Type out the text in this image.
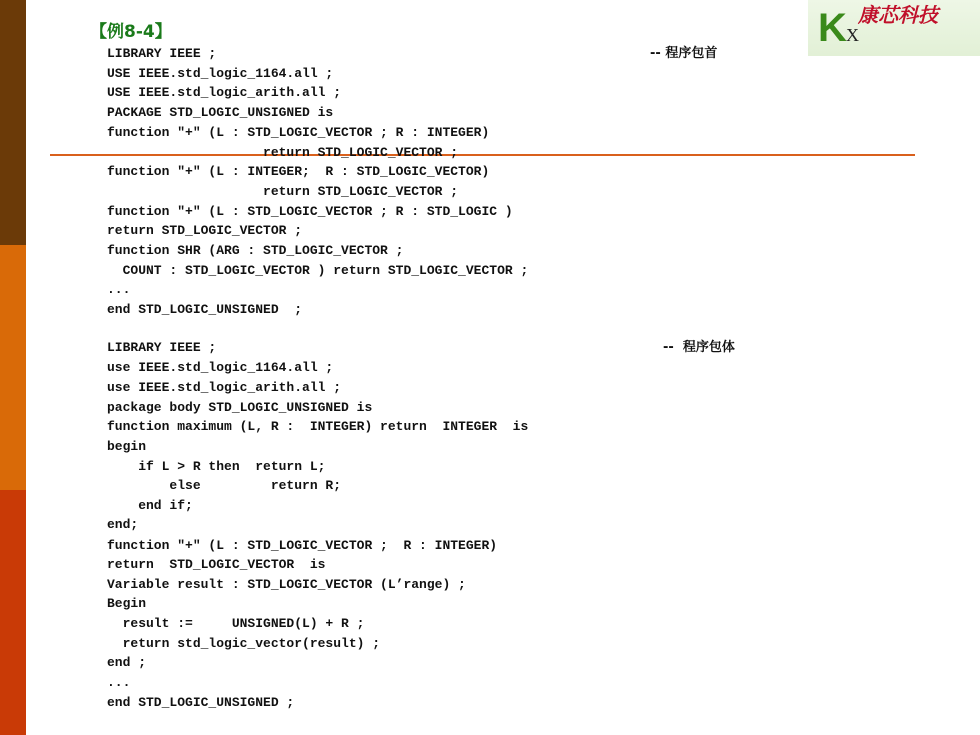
K X
康芯科技
【例8-4】
-- 程序包首
--  程序包体
LIBRARY IEEE ;
USE IEEE.std_logic_1164.all ;
USE IEEE.std_logic_arith.all ;
PACKAGE STD_LOGIC_UNSIGNED is
function "+" (L : STD_LOGIC_VECTOR ; R : INTEGER)
return STD_LOGIC_VECTOR ;
function "+" (L : INTEGER;  R : STD_LOGIC_VECTOR)
return STD_LOGIC_VECTOR ;
function "+" (L : STD_LOGIC_VECTOR ; R : STD_LOGIC )
return STD_LOGIC_VECTOR ;
function SHR (ARG : STD_LOGIC_VECTOR ;
COUNT : STD_LOGIC_VECTOR ) return STD_LOGIC_VECTOR ;
...
end STD_LOGIC_UNSIGNED  ;
LIBRARY IEEE ;
use IEEE.std_logic_1164.all ;
use IEEE.std_logic_arith.all ;
package body STD_LOGIC_UNSIGNED is
function maximum (L, R :  INTEGER) return  INTEGER  is
begin
if L > R then  return L;
else         return R;
end if;
end;
function "+" (L : STD_LOGIC_VECTOR ;  R : INTEGER)
return  STD_LOGIC_VECTOR  is
Variable result : STD_LOGIC_VECTOR (L’range) ;
Begin
result :=     UNSIGNED(L) + R ;
return std_logic_vector(result) ;
end ;
...
end STD_LOGIC_UNSIGNED ;
